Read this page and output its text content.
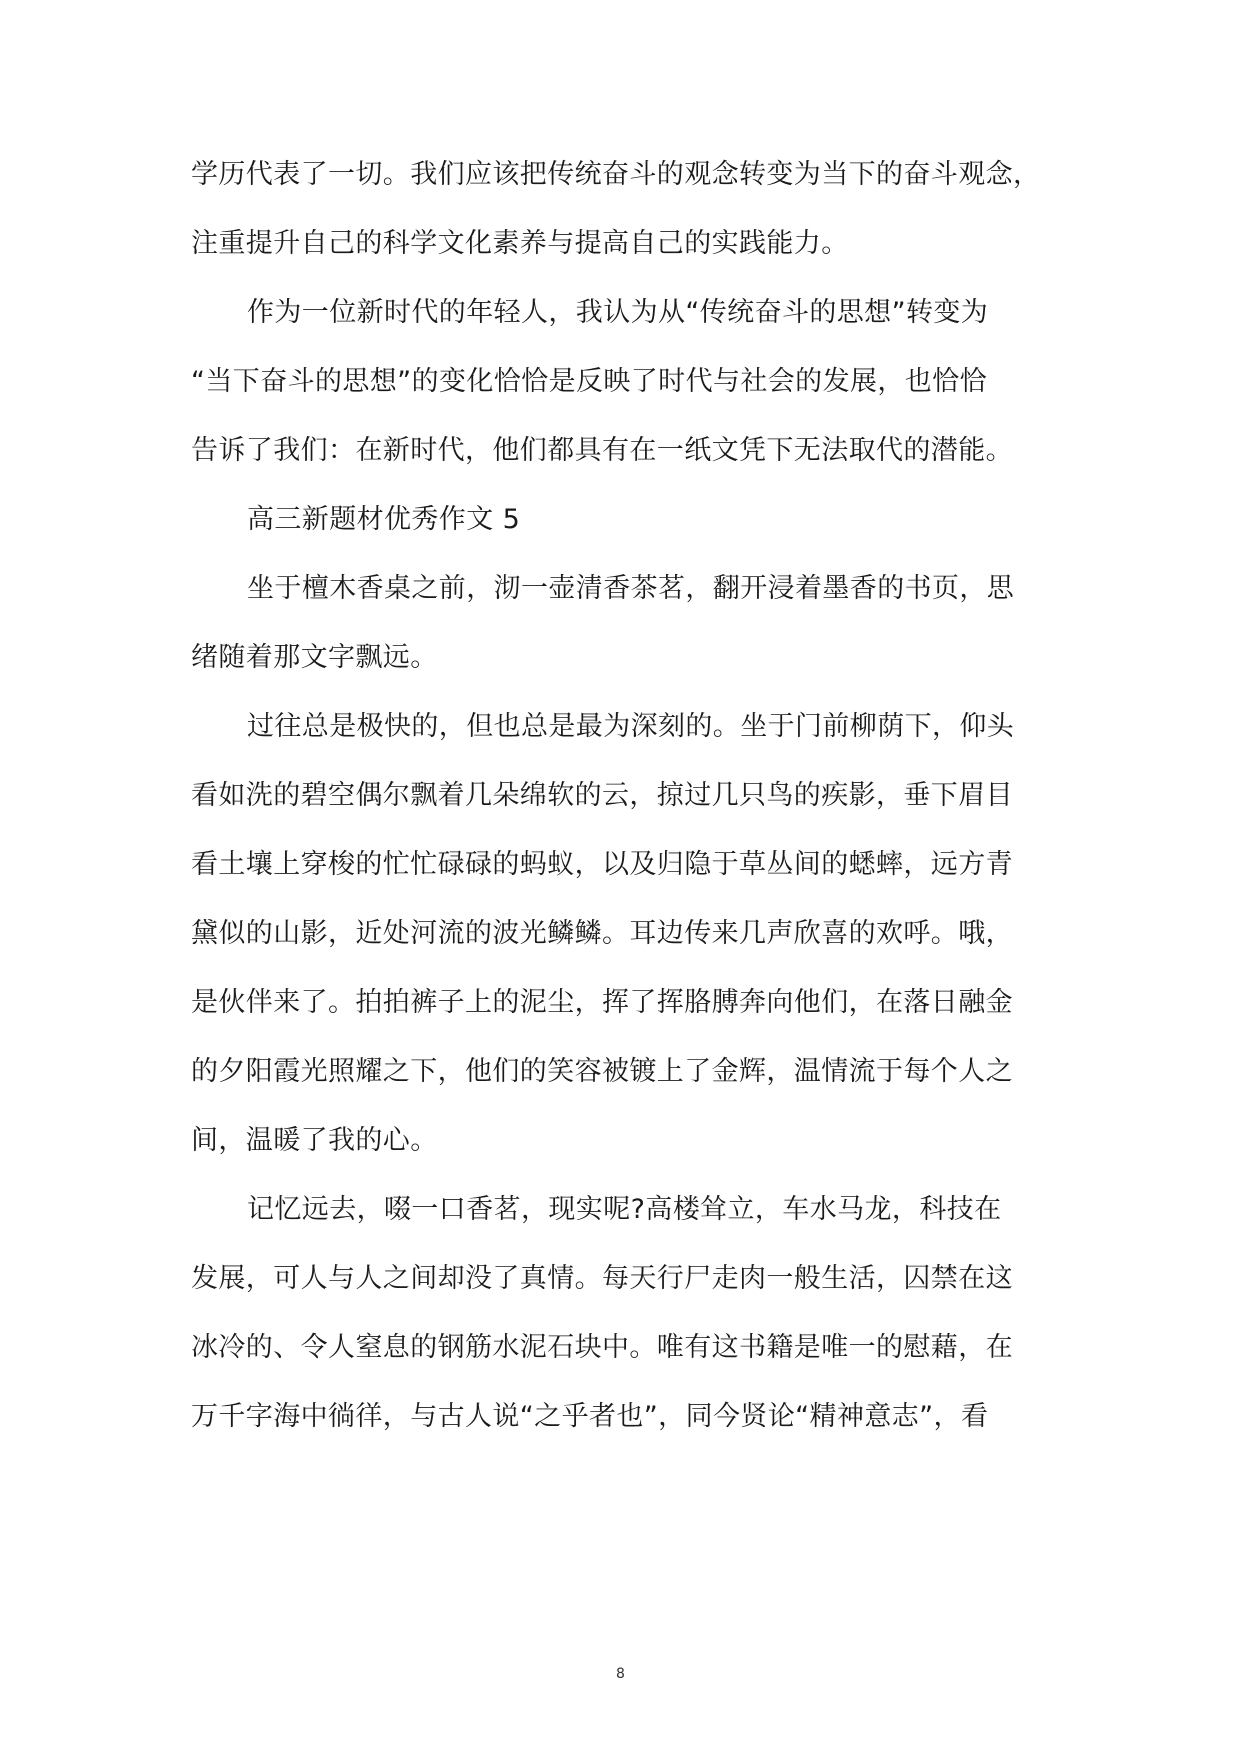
学历代表了一切。我们应该把传统奋斗的观念转变为当下的奋斗观念，
注重提升自己的科学文化素养与提高自己的实践能力。
作为一位新时代的年轻人，我认为从“传统奋斗的思想”转变为
“当下奋斗的思想”的变化恰恰是反映了时代与社会的发展，也恰恰
告诉了我们：在新时代，他们都具有在一纸文凭下无法取代的潜能。
高三新题材优秀作文 5
坐于檀木香桌之前，沏一壶清香茶茗，翻开浸着墨香的书页，思
绪随着那文字飘远。
过往总是极快的，但也总是最为深刻的。坐于门前柳荫下，仰头
看如洗的碧空偶尔飘着几朵绵软的云，掠过几只鸟的疾影，垂下眉目
看土壤上穿梭的忙忙碌碌的蚂蚁，以及归隐于草丛间的蟋蟀，远方青
黛似的山影，近处河流的波光鳞鳞。耳边传来几声欣喜的欢呼。哦，
是伙伴来了。拍拍裤子上的泥尘，挥了挥胳膊奔向他们，在落日融金
的夕阳霞光照耀之下，他们的笑容被镀上了金辉，温情流于每个人之
间，温暖了我的心。
记忆远去，啜一口香茗，现实呢?高楼耸立，车水马龙，科技在
发展，可人与人之间却没了真情。每天行尸走肉一般生活，囚禁在这
冰冷的、令人窒息的钢筋水泥石块中。唯有这书籍是唯一的慰藉，在
万千字海中徜徉，与古人说“之乎者也”，同今贤论“精神意志”，看
8
